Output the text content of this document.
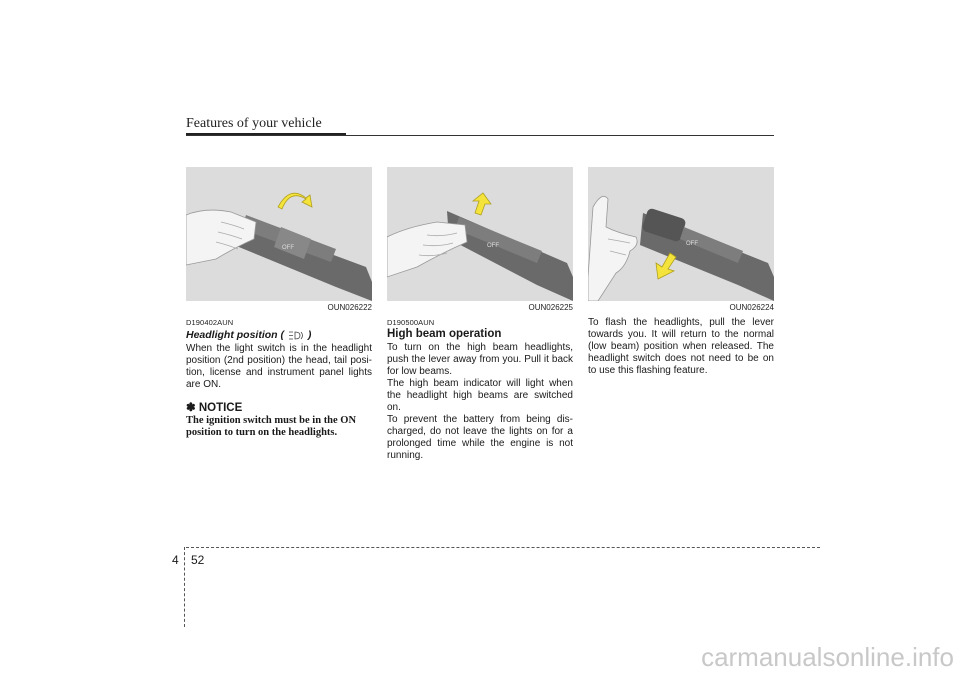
Features of your vehicle
OFF
OUN026222
D190402AUN
Headlight position ( )

When the light switch is in the headlight position (2nd position) the head, tail posi-tion, license and instrument panel lights are ON.

✽ NOTICE
The ignition switch must be in the ON position to turn on the headlights.
OFF
OUN026225
D190500AUN
High beam operation

To turn on the high beam headlights, push the lever away from you. Pull it back for low beams.

The high beam indicator will light when the headlight high beams are switched on.

To prevent the battery from being dis-charged, do not leave the lights on for a prolonged time while the engine is not running.

OFF
OUN026224

To flash the headlights, pull the lever towards you. It will return to the normal (low beam) position when released. The headlight switch does not need to be on to use this flashing feature.

4 52
carmanualsonline.info
